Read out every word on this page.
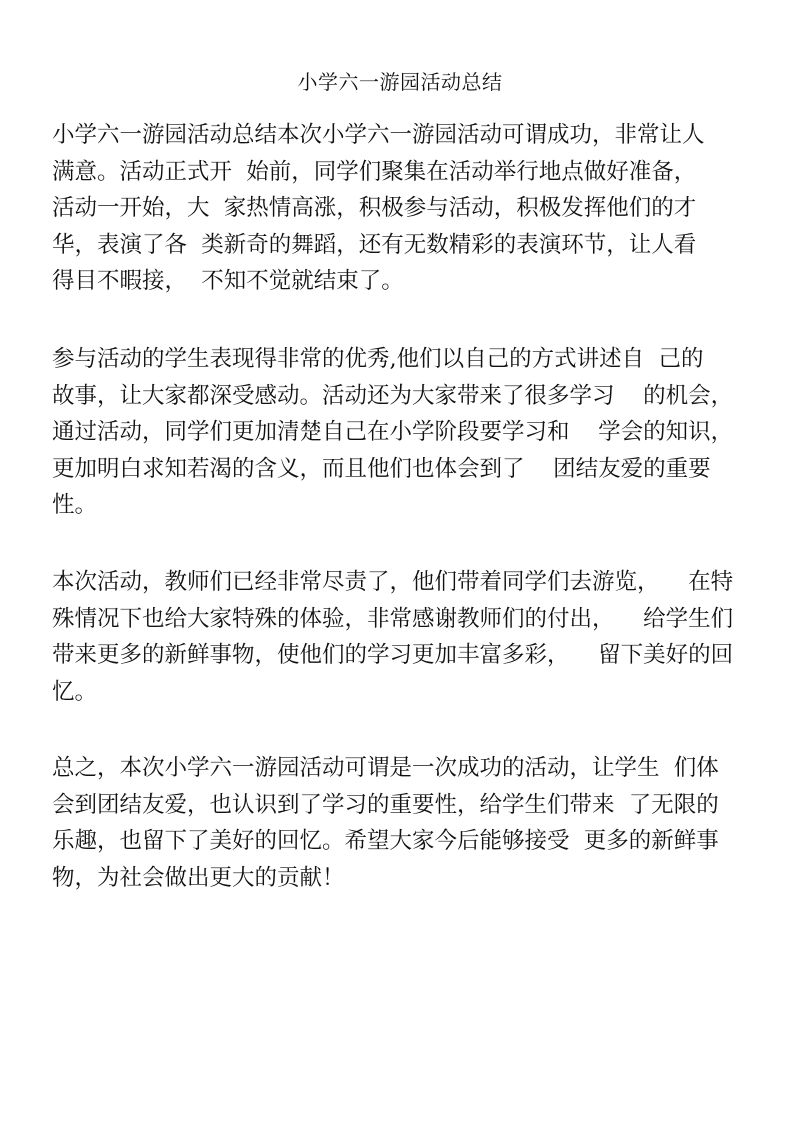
小学六一游园活动总结
小学六一游园活动总结本次小学六一游园活动可谓成功，非常让人
满意。活动正式开  始前，同学们聚集在活动举行地点做好准备，
活动一开始，大  家热情高涨，积极参与活动，积极发挥他们的才
华，表演了各  类新奇的舞蹈，还有无数精彩的表演环节，让人看
得目不暇接，  不知不觉就结束了。
参与活动的学生表现得非常的优秀,他们以自己的方式讲述自  己的
故事，让大家都深受感动。活动还为大家带来了很多学习    的机会，
通过活动，同学们更加清楚自己在小学阶段要学习和    学会的知识，
更加明白求知若渴的含义，而且他们也体会到了    团结友爱的重要
性。
本次活动，教师们已经非常尽责了，他们带着同学们去游览，    在特
殊情况下也给大家特殊的体验，非常感谢教师们的付出，    给学生们
带来更多的新鲜事物，使他们的学习更加丰富多彩，    留下美好的回
忆。
总之，本次小学六一游园活动可谓是一次成功的活动，让学生  们体
会到团结友爱，也认识到了学习的重要性，给学生们带来  了无限的
乐趣，也留下了美好的回忆。希望大家今后能够接受  更多的新鲜事
物，为社会做出更大的贡献！
